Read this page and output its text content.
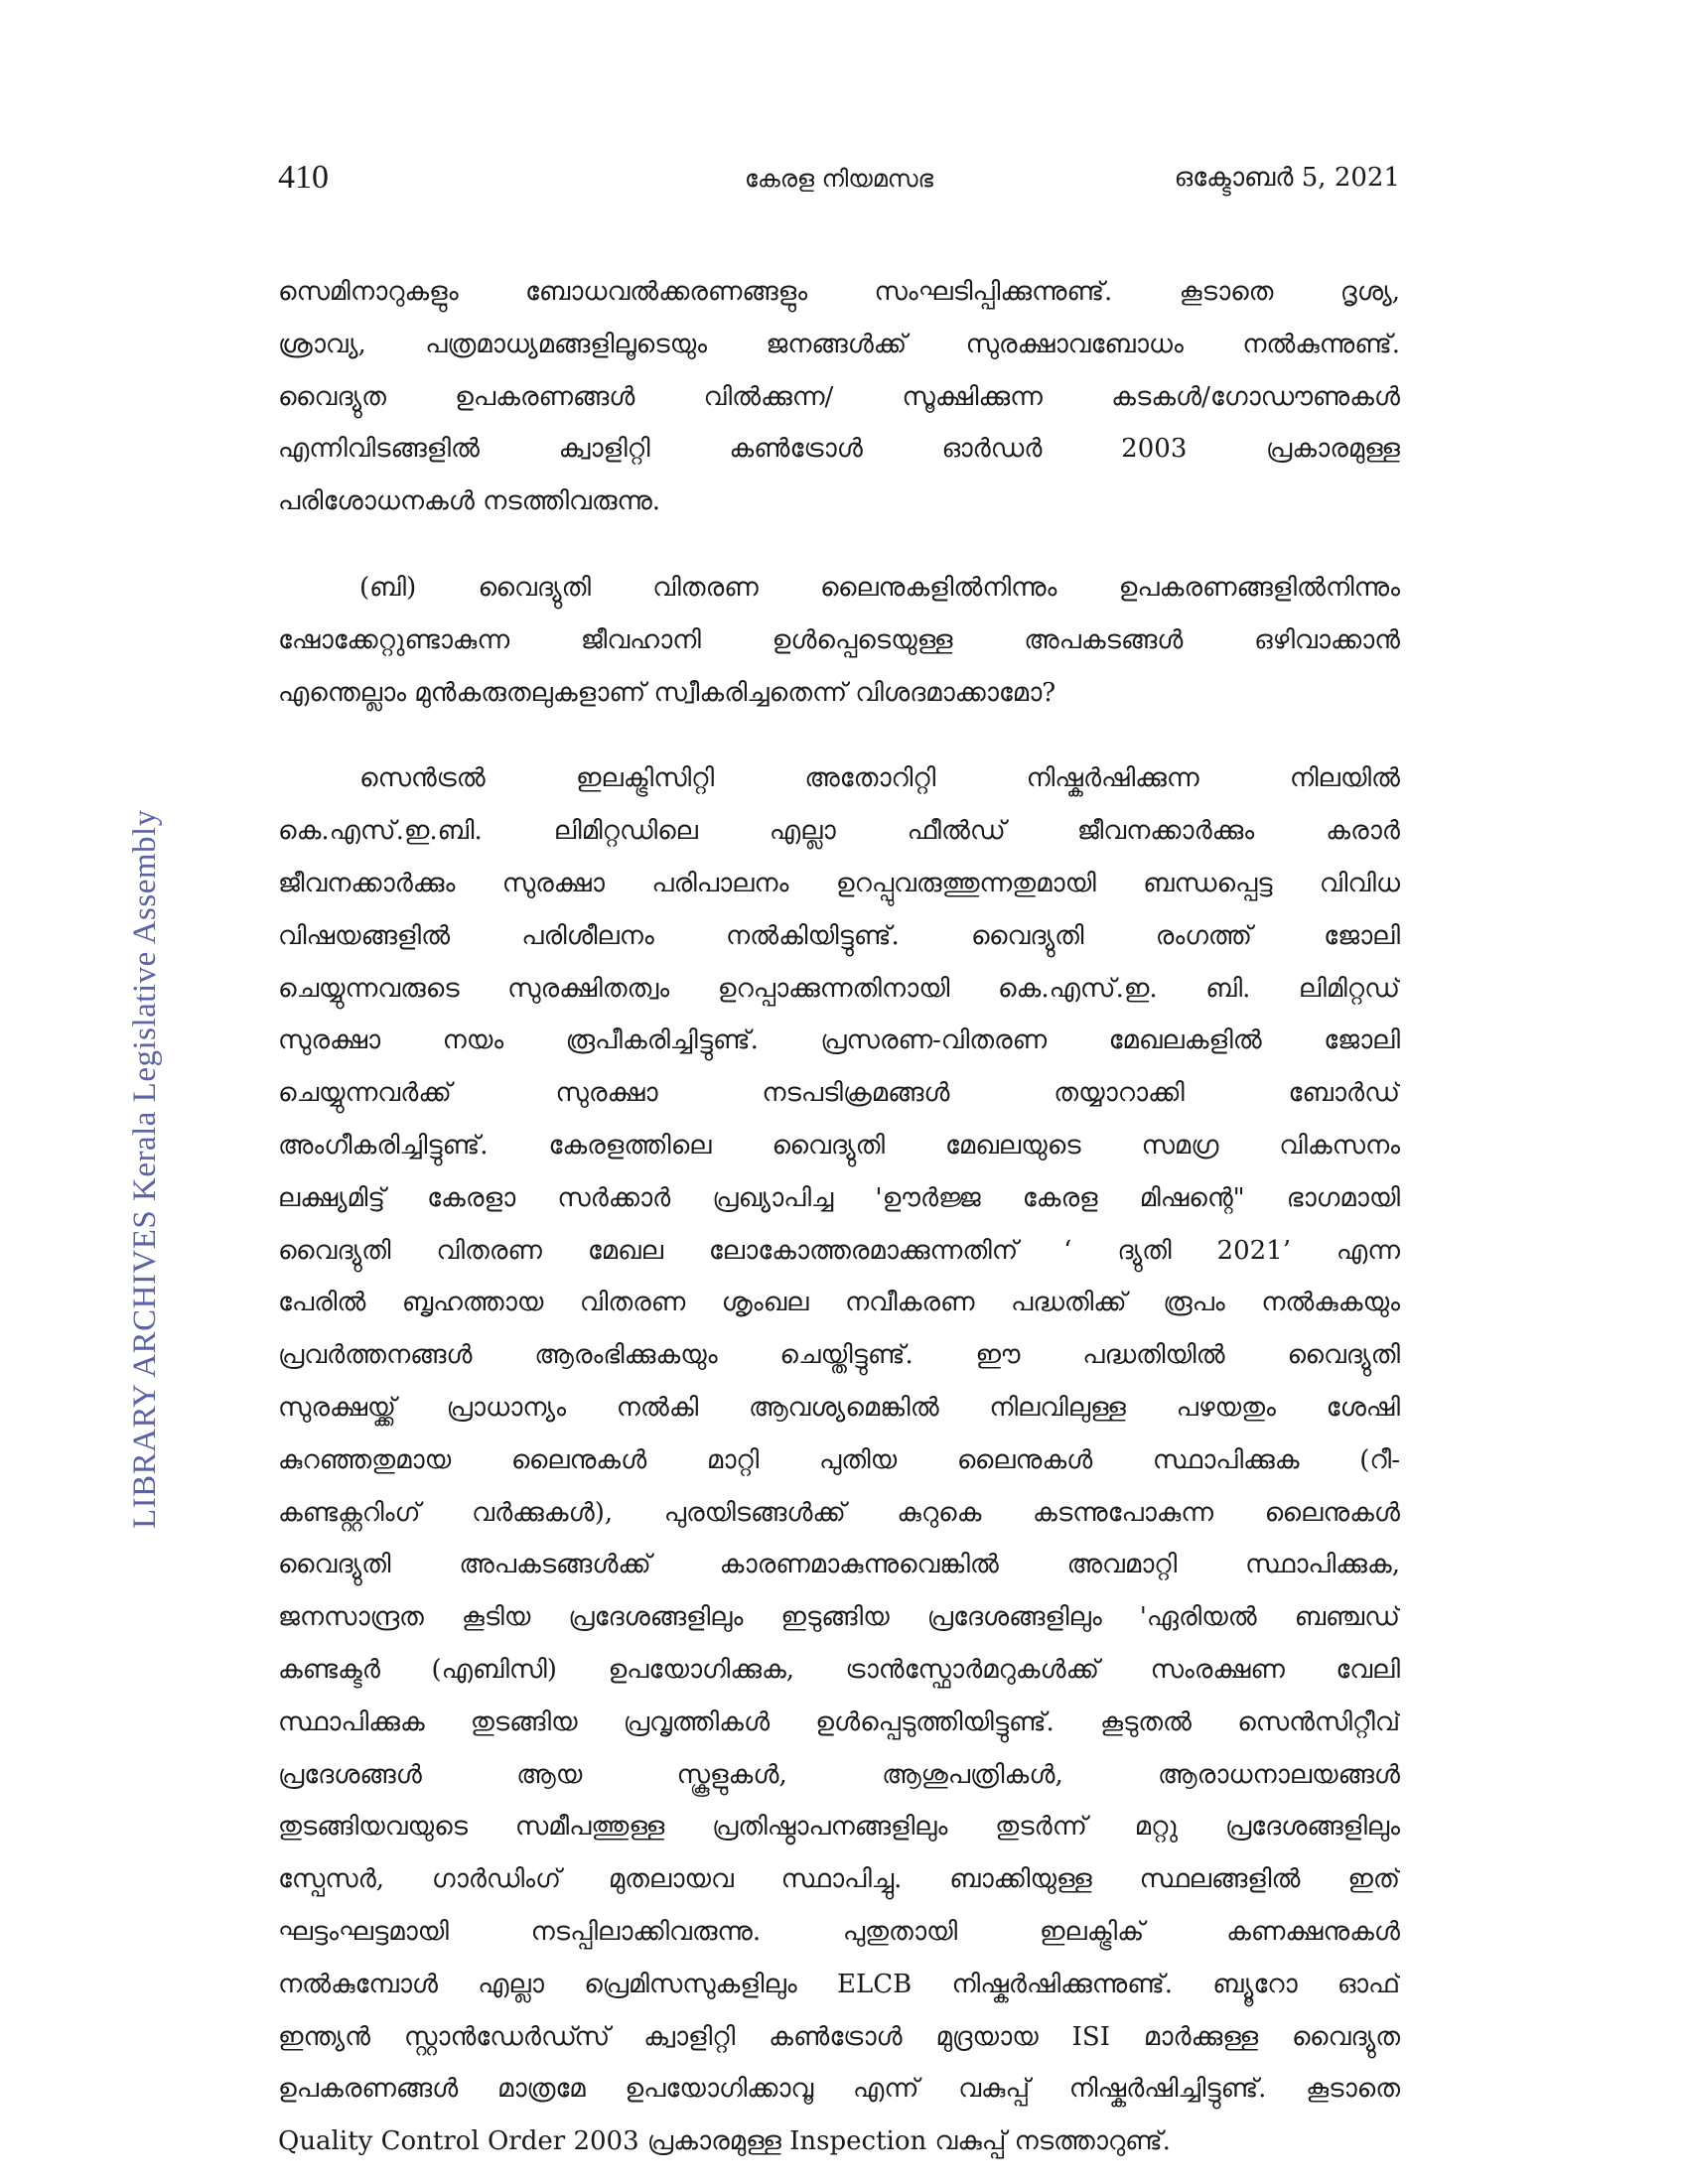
410	കേരള നിയമസഭ	ഒക്ടോബർ 5, 2021
LIBRARY ARCHIVES Kerala Legislative Assembly
സെമിനാറുകളും ബോധവൽക്കരണങ്ങളും സംഘടിപ്പിക്കുന്നുണ്ട്. കൂടാതെ ദൃശ്യ,
ശ്രാവ്യ, പത്രമാധ്യമങ്ങളിലൂടെയും ജനങ്ങൾക്ക് സുരക്ഷാവബോധം നൽകുന്നുണ്ട്.
വൈദ്യുത ഉപകരണങ്ങൾ വിൽക്കുന്ന/ സൂക്ഷിക്കുന്ന കടകൾ/ഗോഡൗണുകൾ
എന്നിവിടങ്ങളിൽ ക്വാളിറ്റി കൺട്രോൾ ഓർഡർ 2003 പ്രകാരമുള്ള
പരിശോധനകൾ നടത്തിവരുന്നു.
(ബി) വൈദ്യുതി വിതരണ ലൈനുകളിൽനിന്നും ഉപകരണങ്ങളിൽനിന്നും
ഷോക്കേറ്റുണ്ടാകുന്ന ജീവഹാനി ഉൾപ്പെടെയുള്ള അപകടങ്ങൾ ഒഴിവാക്കാൻ
എന്തെല്ലാം മുൻകരുതലുകളാണ് സ്വീകരിച്ചതെന്ന് വിശദമാക്കാമോ?
സെൻട്രൽ ഇലക്ട്രിസിറ്റി അതോറിറ്റി നിഷ്കർഷിക്കുന്ന നിലയിൽ
കെ.എസ്.ഇ.ബി. ലിമിറ്റഡിലെ എല്ലാ ഫീൽഡ് ജീവനക്കാർക്കും കരാർ
ജീവനക്കാർക്കും സുരക്ഷാ പരിപാലനം ഉറപ്പുവരുത്തുന്നതുമായി ബന്ധപ്പെട്ട വിവിധ
വിഷയങ്ങളിൽ പരിശീലനം നൽകിയിട്ടുണ്ട്. വൈദ്യുതി രംഗത്ത് ജോലി
ചെയ്യുന്നവരുടെ സുരക്ഷിതത്വം ഉറപ്പാക്കുന്നതിനായി കെ.എസ്.ഇ. ബി. ലിമിറ്റഡ്
സുരക്ഷാ നയം രൂപീകരിച്ചിട്ടുണ്ട്. പ്രസരണ-വിതരണ മേഖലകളിൽ ജോലി
ചെയ്യുന്നവർക്ക് സുരക്ഷാ നടപടിക്രമങ്ങൾ തയ്യാറാക്കി ബോർഡ്
അംഗീകരിച്ചിട്ടുണ്ട്. കേരളത്തിലെ വൈദ്യുതി മേഖലയുടെ സമഗ്ര വികസനം
ലക്ഷ്യമിട്ട് കേരളാ സർക്കാർ പ്രഖ്യാപിച്ച 'ഊർജ്ജ കേരള മിഷന്റെ" ഭാഗമായി
വൈദ്യുതി വിതരണ മേഖല ലോകോത്തരമാക്കുന്നതിന് ‘ ദ്യുതി 2021’ എന്ന
പേരിൽ ബൃഹത്തായ വിതരണ ശൃംഖല നവീകരണ പദ്ധതിക്ക് രൂപം നൽകുകയും
പ്രവർത്തനങ്ങൾ ആരംഭിക്കുകയും ചെയ്തിട്ടുണ്ട്. ഈ പദ്ധതിയിൽ വൈദ്യുതി
സുരക്ഷയ്ക്ക് പ്രാധാന്യം നൽകി ആവശ്യമെങ്കിൽ നിലവിലുള്ള പഴയതും ശേഷി
കുറഞ്ഞതുമായ ലൈനുകൾ മാറ്റി പുതിയ ലൈനുകൾ സ്ഥാപിക്കുക (റീ-
കണ്ടക്റ്ററിംഗ് വർക്കുകൾ), പുരയിടങ്ങൾക്ക് കുറുകെ കടന്നുപോകുന്ന ലൈനുകൾ
വൈദ്യുതി അപകടങ്ങൾക്ക് കാരണമാകുന്നുവെങ്കിൽ അവമാറ്റി സ്ഥാപിക്കുക,
ജനസാന്ദ്രത കൂടിയ പ്രദേശങ്ങളിലും ഇടുങ്ങിയ പ്രദേശങ്ങളിലും 'ഏരിയൽ ബഞ്ചഡ്
കണ്ടക്ടർ (എബിസി) ഉപയോഗിക്കുക, ട്രാൻസ്ഫോർമറുകൾക്ക് സംരക്ഷണ വേലി
സ്ഥാപിക്കുക തുടങ്ങിയ പ്രവൃത്തികൾ ഉൾപ്പെടുത്തിയിട്ടുണ്ട്. കൂടുതൽ സെൻസിറ്റീവ്
പ്രദേശങ്ങൾ ആയ സ്കൂളുകൾ, ആശുപത്രികൾ, ആരാധനാലയങ്ങൾ
തുടങ്ങിയവയുടെ സമീപത്തുള്ള പ്രതിഷ്ഠാപനങ്ങളിലും തുടർന്ന് മറ്റു പ്രദേശങ്ങളിലും
സ്പേസർ, ഗാർഡിംഗ് മുതലായവ സ്ഥാപിച്ചു. ബാക്കിയുള്ള സ്ഥലങ്ങളിൽ ഇത്
ഘട്ടംഘട്ടമായി നടപ്പിലാക്കിവരുന്നു. പുതുതായി ഇലക്ട്രിക് കണക്ഷനുകൾ
നൽകുമ്പോൾ എല്ലാ പ്രെമിസസുകളിലും ELCB നിഷ്കർഷിക്കുന്നുണ്ട്. ബ്യൂറോ ഓഫ്
ഇന്ത്യൻ സ്റ്റാൻഡേർഡ്സ് ക്വാളിറ്റി കൺട്രോൾ മുദ്രയായ ISI മാർക്കുള്ള വൈദ്യുത
ഉപകരണങ്ങൾ മാത്രമേ ഉപയോഗിക്കാവൂ എന്ന് വകുപ്പ് നിഷ്കർഷിച്ചിട്ടുണ്ട്. കൂടാതെ
Quality Control Order 2003 പ്രകാരമുള്ള Inspection വകുപ്പ് നടത്താറുണ്ട്.
